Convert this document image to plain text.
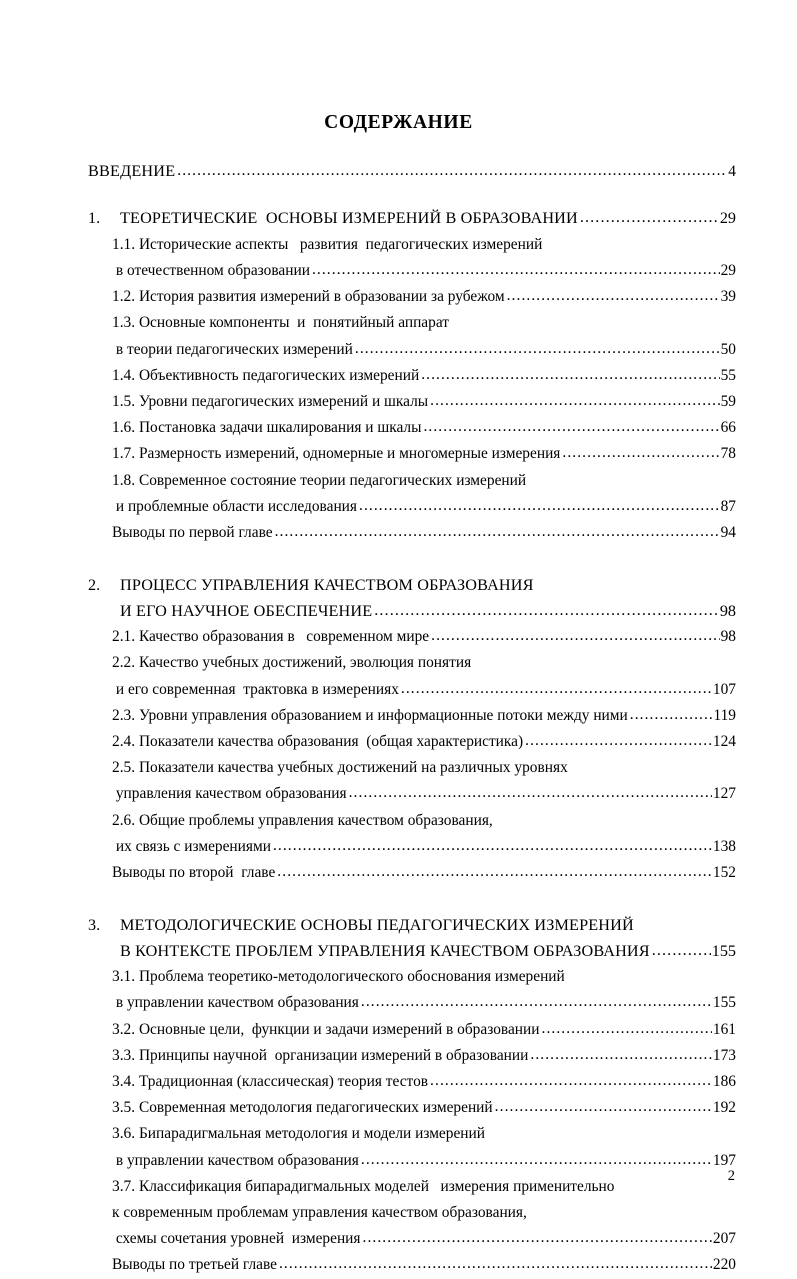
СОДЕРЖАНИЕ
ВВЕДЕНИЕ .....	4
1.	ТЕОРЕТИЧЕСКИЕ  ОСНОВЫ ИЗМЕРЕНИЙ В ОБРАЗОВАНИИ .....	29
1.1. Исторические аспекты   развития  педагогических измерений

в отечественном образовании .....	29
1.2. История развития измерений в образовании за рубежом .....	39
1.3. Основные компоненты  и  понятийный аппарат

в теории педагогических измерений .....	50
1.4. Объективность педагогических измерений .....	55
1.5. Уровни педагогических измерений и шкалы .....	59
1.6. Постановка задачи шкалирования и шкалы .....	66
1.7. Размерность измерений, одномерные и многомерные измерения .....	78
1.8. Современное состояние теории педагогических измерений

и проблемные области исследования .....	87
Выводы по первой главе .....	94
2.	ПРОЦЕСС УПРАВЛЕНИЯ КАЧЕСТВОМ ОБРАЗОВАНИЯ
И ЕГО НАУЧНОЕ ОБЕСПЕЧЕНИЕ .....	98
2.1. Качество образования в   современном мире .....	98
2.2. Качество учебных достижений, эволюция понятия

и его современная  трактовка в измерениях .....	107
2.3. Уровни управления образованием и информационные потоки между ними .....	119
2.4. Показатели качества образования  (общая характеристика) .....	124
2.5. Показатели качества учебных достижений на различных уровнях

управления качеством образования .....	127
2.6. Общие проблемы управления качеством образования,

их связь с измерениями .....	138
Выводы по второй  главе .....	152
3.	МЕТОДОЛОГИЧЕСКИЕ ОСНОВЫ ПЕДАГОГИЧЕСКИХ ИЗМЕРЕНИЙ
В КОНТЕКСТЕ ПРОБЛЕМ УПРАВЛЕНИЯ КАЧЕСТВОМ ОБРАЗОВАНИЯ .....	155
3.1. Проблема теоретико-методологического обоснования измерений

в управлении качеством образования .....	155
3.2. Основные цели,  функции и задачи измерений в образовании .....	161
3.3. Принципы научной  организации измерений в образовании .....	173
3.4. Традиционная (классическая) теория тестов .....	186
3.5. Современная методология педагогических измерений .....	192
3.6. Бипарадигмальная методология и модели измерений

в управлении качеством образования .....	197
3.7. Классификация бипарадигмальных моделей   измерения применительно
к современным проблемам управления качеством образования,

схемы сочетания уровней  измерения .....	207
Выводы по третьей главе .....	220
2
